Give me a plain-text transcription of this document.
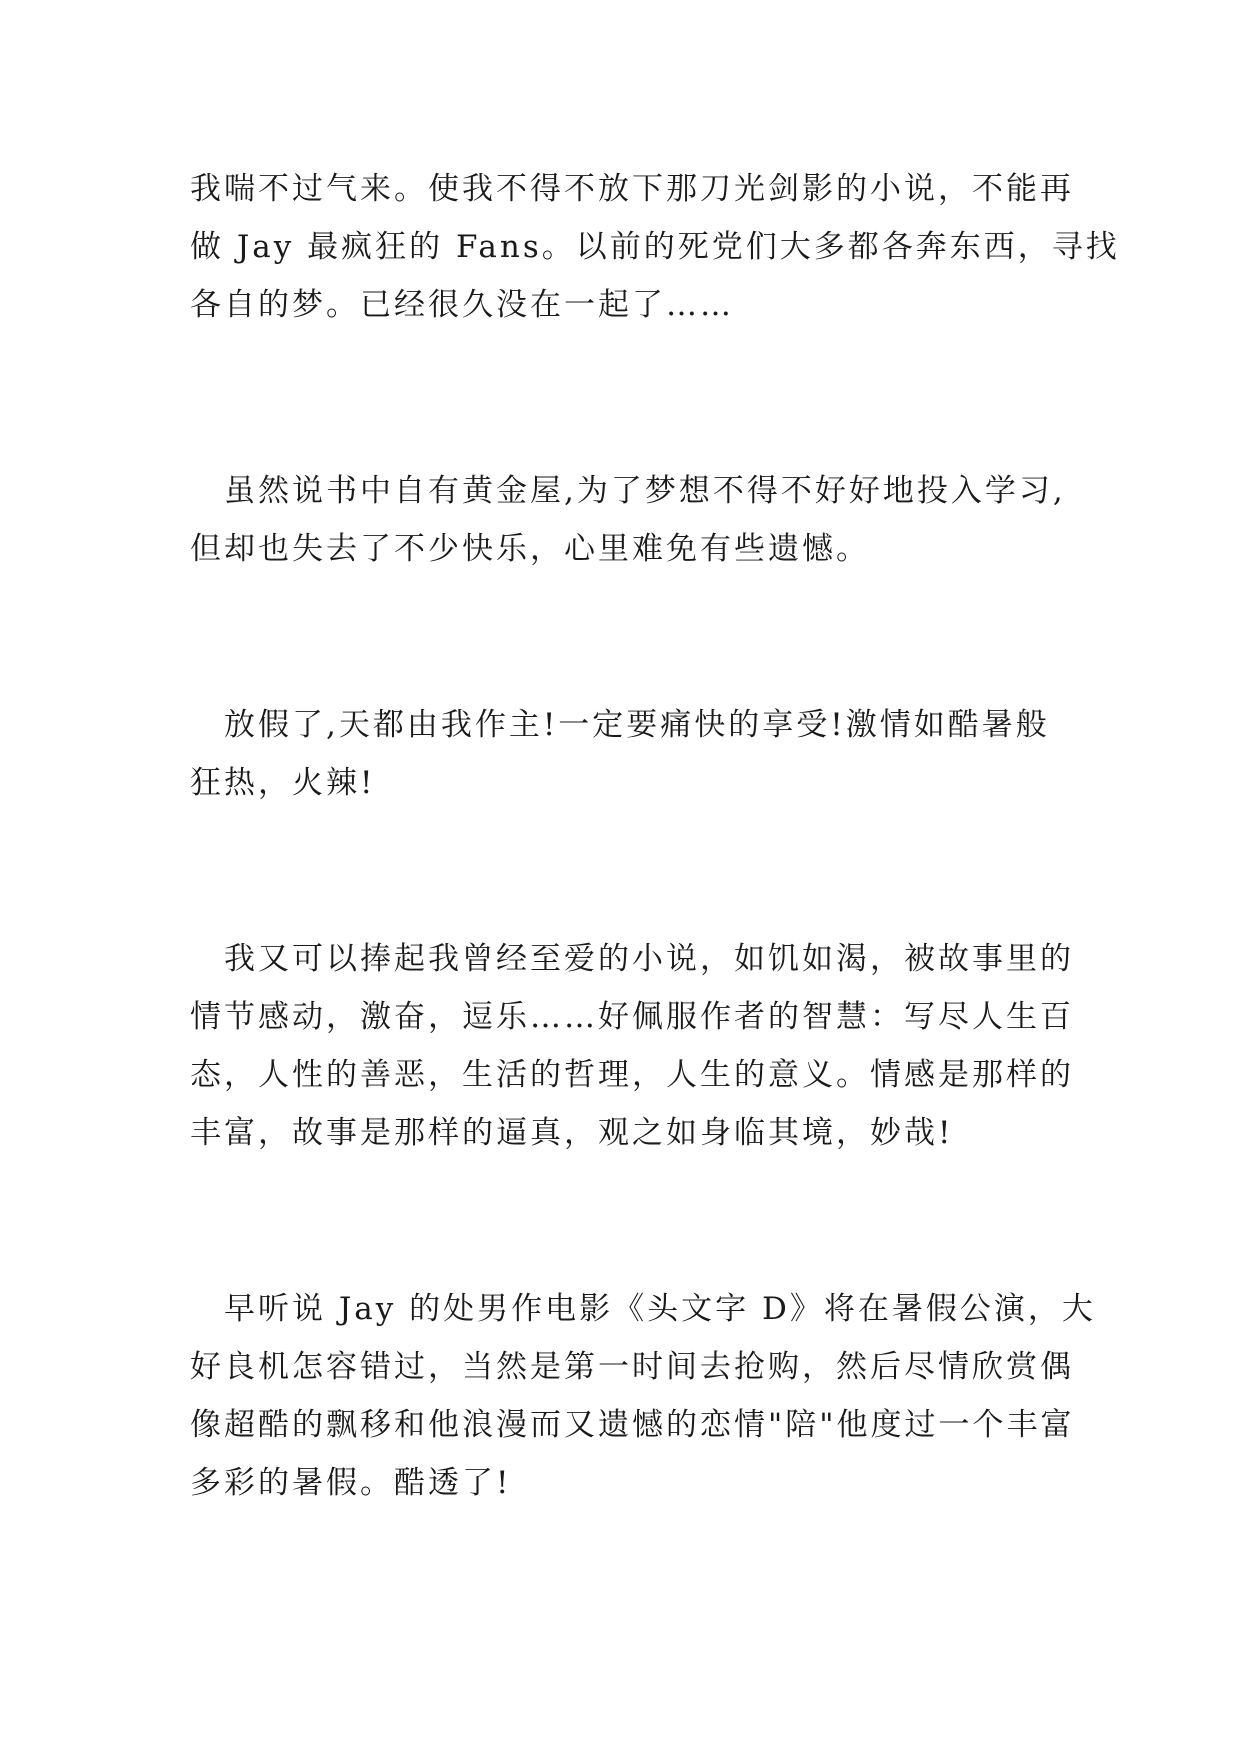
我喘不过气来。使我不得不放下那刀光剑影的小说，不能再
做 Jay 最疯狂的 Fans。以前的死党们大多都各奔东西，寻找
各自的梦。已经很久没在一起了……

　虽然说书中自有黄金屋,为了梦想不得不好好地投入学习,
但却也失去了不少快乐，心里难免有些遗憾。

　放假了,天都由我作主!一定要痛快的享受!激情如酷暑般
狂热，火辣!

　我又可以捧起我曾经至爱的小说，如饥如渴，被故事里的
情节感动，激奋，逗乐……好佩服作者的智慧：写尽人生百
态，人性的善恶，生活的哲理，人生的意义。情感是那样的
丰富，故事是那样的逼真，观之如身临其境，妙哉!

　早听说 Jay 的处男作电影《头文字 D》将在暑假公演，大
好良机怎容错过，当然是第一时间去抢购，然后尽情欣赏偶
像超酷的飘移和他浪漫而又遗憾的恋情"陪"他度过一个丰富
多彩的暑假。酷透了!
